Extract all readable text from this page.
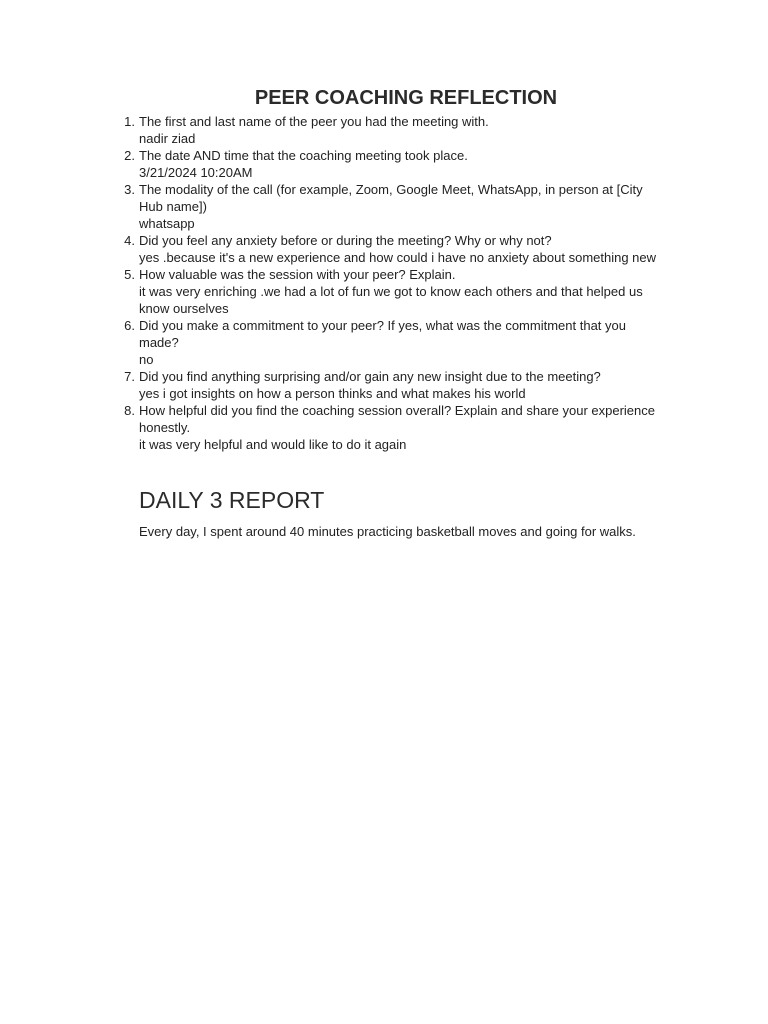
PEER COACHING REFLECTION
1. The first and last name of the peer you had the meeting with.
nadir ziad
2. The date AND time that the coaching meeting took place.
3/21/2024 10:20AM
3. The modality of the call (for example, Zoom, Google Meet, WhatsApp, in person at [City Hub name])
whatsapp
4. Did you feel any anxiety before or during the meeting? Why or why not?
yes .because it's a new experience and how could i have no anxiety about something new
5. How valuable was the session with your peer? Explain.
it was very enriching .we had a lot of fun we got to know each others and that helped us know ourselves
6. Did you make a commitment to your peer? If yes, what was the commitment that you made?
no
7. Did you find anything surprising and/or gain any new insight due to the meeting?
yes i got insights on how a person thinks and what makes his world
8. How helpful did you find the coaching session overall? Explain and share your experience honestly.
it was very helpful and would like to do it again
DAILY 3 REPORT

Every day, I spent around 40 minutes practicing basketball moves and going for walks.
